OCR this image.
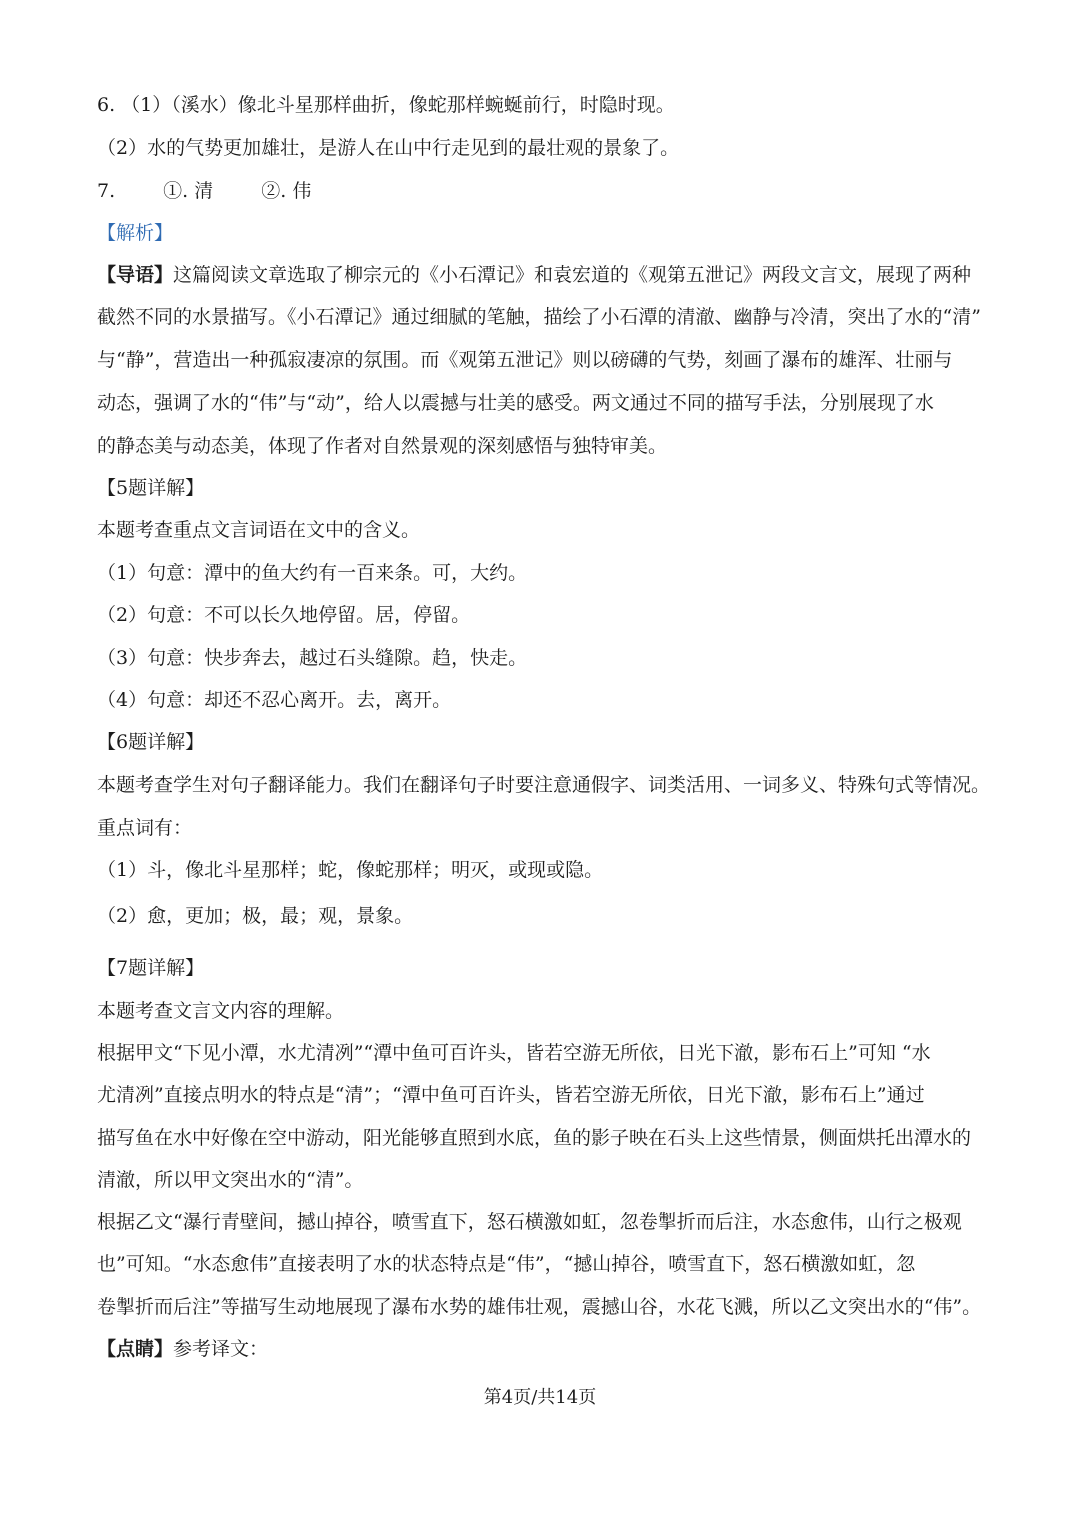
6. （1）（溪水）像北斗星那样曲折，像蛇那样蜿蜒前行，时隐时现。

（2）水的气势更加雄壮，是游人在山中行走见到的最壮观的景象了。

7.	①. 清	②. 伟

【解析】

【导语】这篇阅读文章选取了柳宗元的《小石潭记》和袁宏道的《观第五泄记》两段文言文，展现了两种

截然不同的水景描写。《小石潭记》通过细腻的笔触，描绘了小石潭的清澈、幽静与冷清，突出了水的“清”

与“静”，营造出一种孤寂凄凉的氛围。而《观第五泄记》则以磅礴的气势，刻画了瀑布的雄浑、壮丽与

动态，强调了水的“伟”与“动”，给人以震撼与壮美的感受。两文通过不同的描写手法，分别展现了水

的静态美与动态美，体现了作者对自然景观的深刻感悟与独特审美。

【5题详解】

本题考查重点文言词语在文中的含义。

（1）句意：潭中的鱼大约有一百来条。可，大约。

（2）句意：不可以长久地停留。居，停留。

（3）句意：快步奔去，越过石头缝隙。趋，快走。

（4）句意：却还不忍心离开。去，离开。

【6题详解】

本题考查学生对句子翻译能力。我们在翻译句子时要注意通假字、词类活用、一词多义、特殊句式等情况。

重点词有：

（1）斗，像北斗星那样；蛇，像蛇那样；明灭，或现或隐。

（2）愈，更加；极，最；观，景象。

【7题详解】

本题考查文言文内容的理解。

根据甲文“下见小潭，水尤清冽”“潭中鱼可百许头，皆若空游无所依，日光下澈，影布石上”可知 “水

尤清冽”直接点明水的特点是“清”；“潭中鱼可百许头，皆若空游无所依，日光下澈，影布石上”通过

描写鱼在水中好像在空中游动，阳光能够直照到水底，鱼的影子映在石头上这些情景，侧面烘托出潭水的

清澈，所以甲文突出水的“清”。

根据乙文“瀑行青壁间，撼山掉谷，喷雪直下，怒石横激如虹，忽卷掣折而后注，水态愈伟，山行之极观

也”可知。“水态愈伟”直接表明了水的状态特点是“伟”，“撼山掉谷，喷雪直下，怒石横激如虹，忽

卷掣折而后注”等描写生动地展现了瀑布水势的雄伟壮观，震撼山谷，水花飞溅，所以乙文突出水的“伟”。

【点睛】参考译文：

第4页/共14页
